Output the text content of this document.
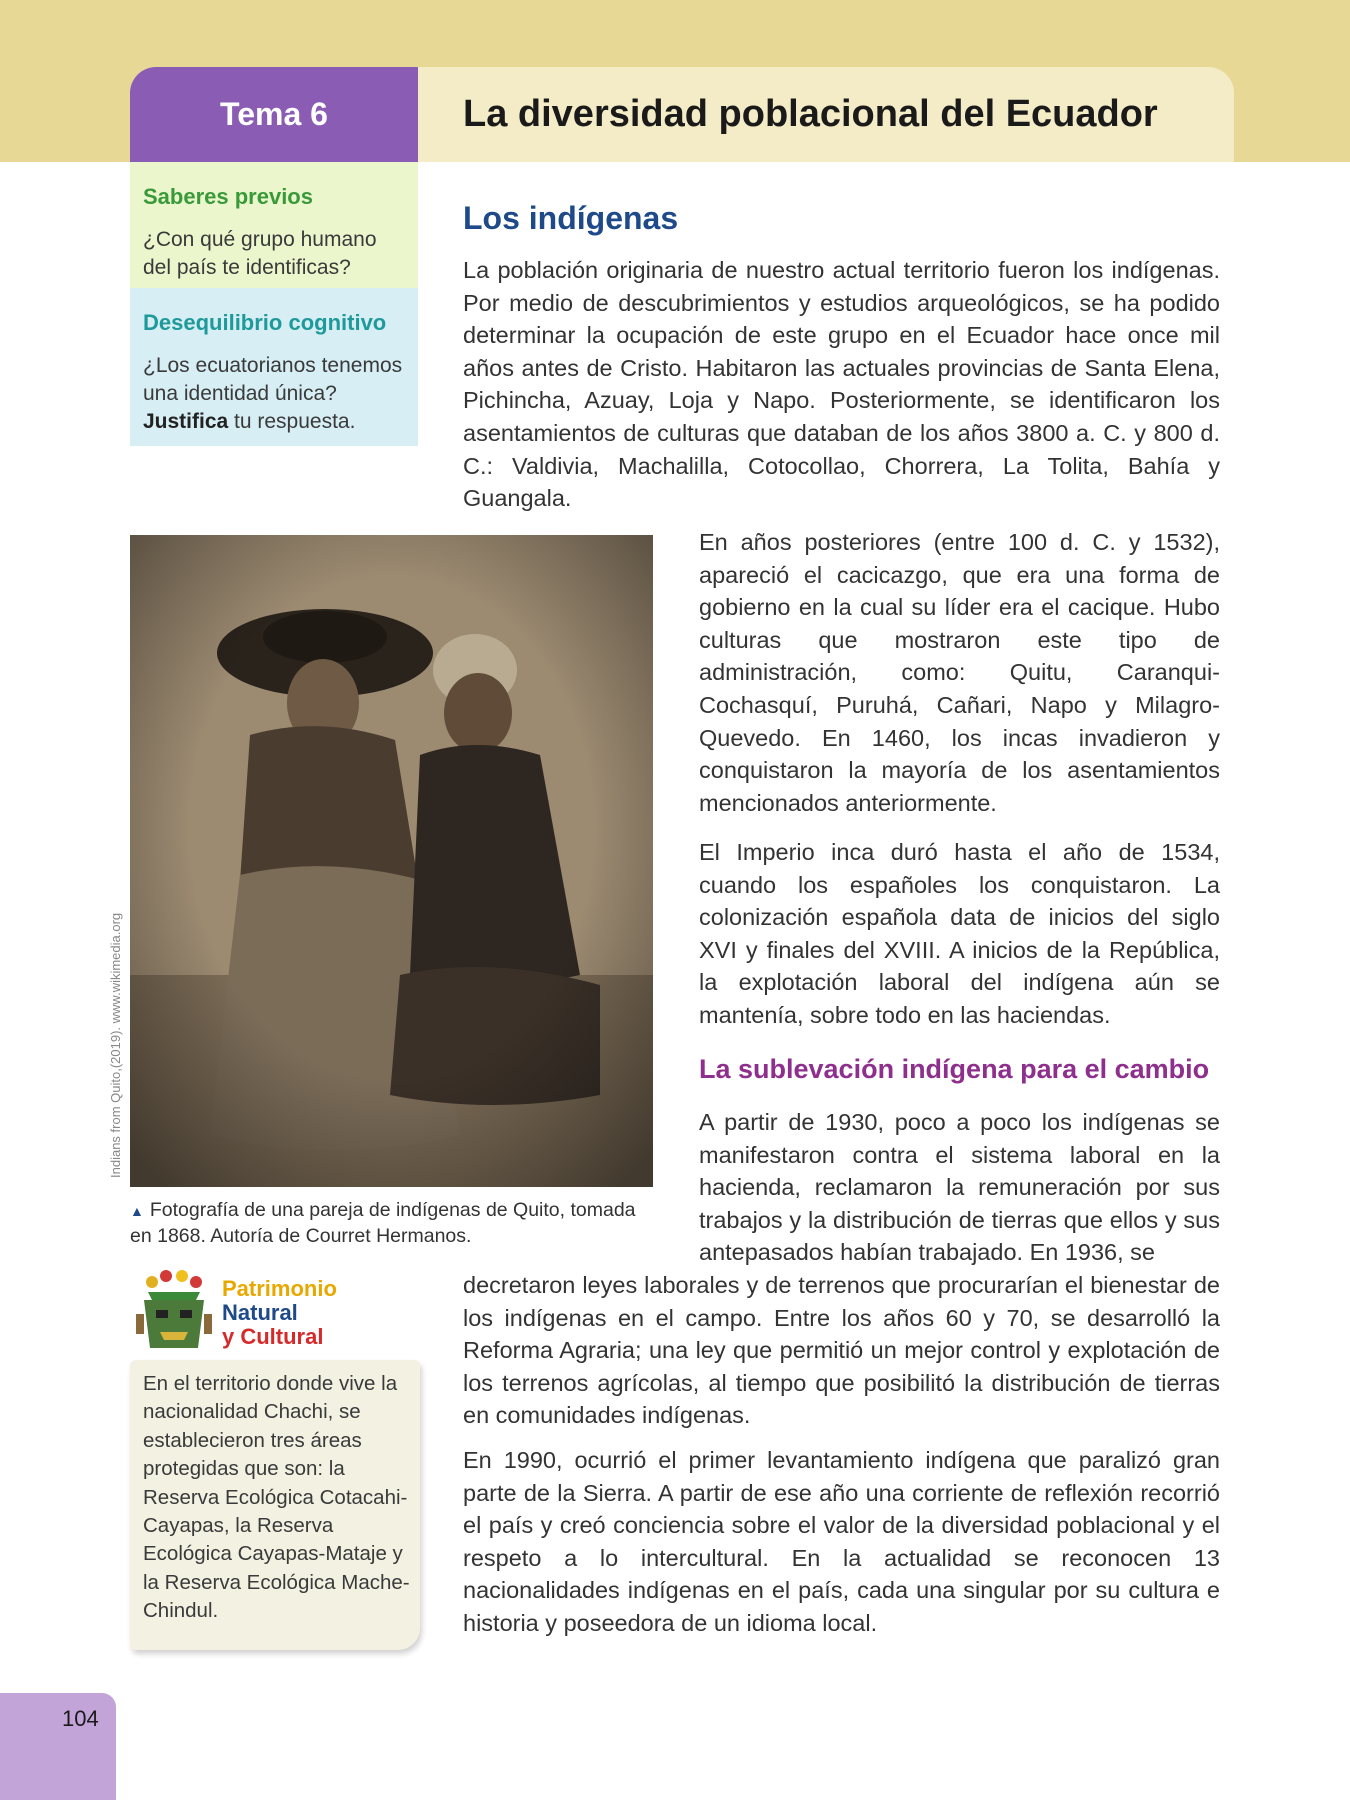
Tema 6	La diversidad poblacional del Ecuador
Saberes previos
¿Con qué grupo humano del país te identificas?
Desequilibrio cognitivo
¿Los ecuatorianos tenemos una identidad única? Justifica tu respuesta.
Los indígenas

La población originaria de nuestro actual territorio fueron los indígenas. Por medio de descubrimientos y estudios arqueológicos, se ha podido determinar la ocupación de este grupo en el Ecuador hace once mil años antes de Cristo. Habitaron las actuales provincias de Santa Elena, Pichincha, Azuay, Loja y Napo. Posteriormente, se identificaron los asentamientos de culturas que databan de los años 3800 a. C. y 800 d. C.: Valdivia, Machalilla, Cotocollao, Chorrera, La Tolita, Bahía y Guangala.

En años posteriores (entre 100 d. C. y 1532), apareció el cacicazgo, que era una forma de gobierno en la cual su líder era el cacique. Hubo culturas que mostraron este tipo de administración, como: Quitu, Caranqui-Cochasquí, Puruhá, Cañari, Napo y Milagro-Quevedo. En 1460, los incas invadieron y conquistaron la mayoría de los asentamientos mencionados anteriormente.

El Imperio inca duró hasta el año de 1534, cuando los españoles los conquistaron. La colonización española data de inicios del siglo XVI y finales del XVIII. A inicios de la República, la explotación laboral del indígena aún se mantenía, sobre todo en las haciendas.

La sublevación indígena para el cambio

A partir de 1930, poco a poco los indígenas se manifestaron contra el sistema laboral en la hacienda, reclamaron la remuneración por sus trabajos y la distribución de tierras que ellos y sus antepasados habían trabajado. En 1936, se

decretaron leyes laborales y de terrenos que procurarían el bienestar de los indígenas en el campo. Entre los años 60 y 70, se desarrolló la Reforma Agraria; una ley que permitió un mejor control y explotación de los terrenos agrícolas, al tiempo que posibilitó la distribución de tierras en comunidades indígenas.

En 1990, ocurrió el primer levantamiento indígena que paralizó gran parte de la Sierra. A partir de ese año una corriente de reflexión recorrió el país y creó conciencia sobre el valor de la diversidad poblacional y el respeto a lo intercultural. En la actualidad se reconocen 13 nacionalidades indígenas en el país, cada una singular por su cultura e historia y poseedora de un idioma local.

Indians from Quito,(2019). www.wikimedia.org
▲ Fotografía de una pareja de indígenas de Quito, tomada en 1868. Autoría de Courret Hermanos.
Patrimonio
Natural
y Cultural
En el territorio donde vive la nacionalidad Chachi, se establecieron tres áreas protegidas que son: la Reserva Ecológica Cotacahi-Cayapas, la Reserva Ecológica Cayapas-Mataje y la Reserva Ecológica Mache-Chindul.
104
